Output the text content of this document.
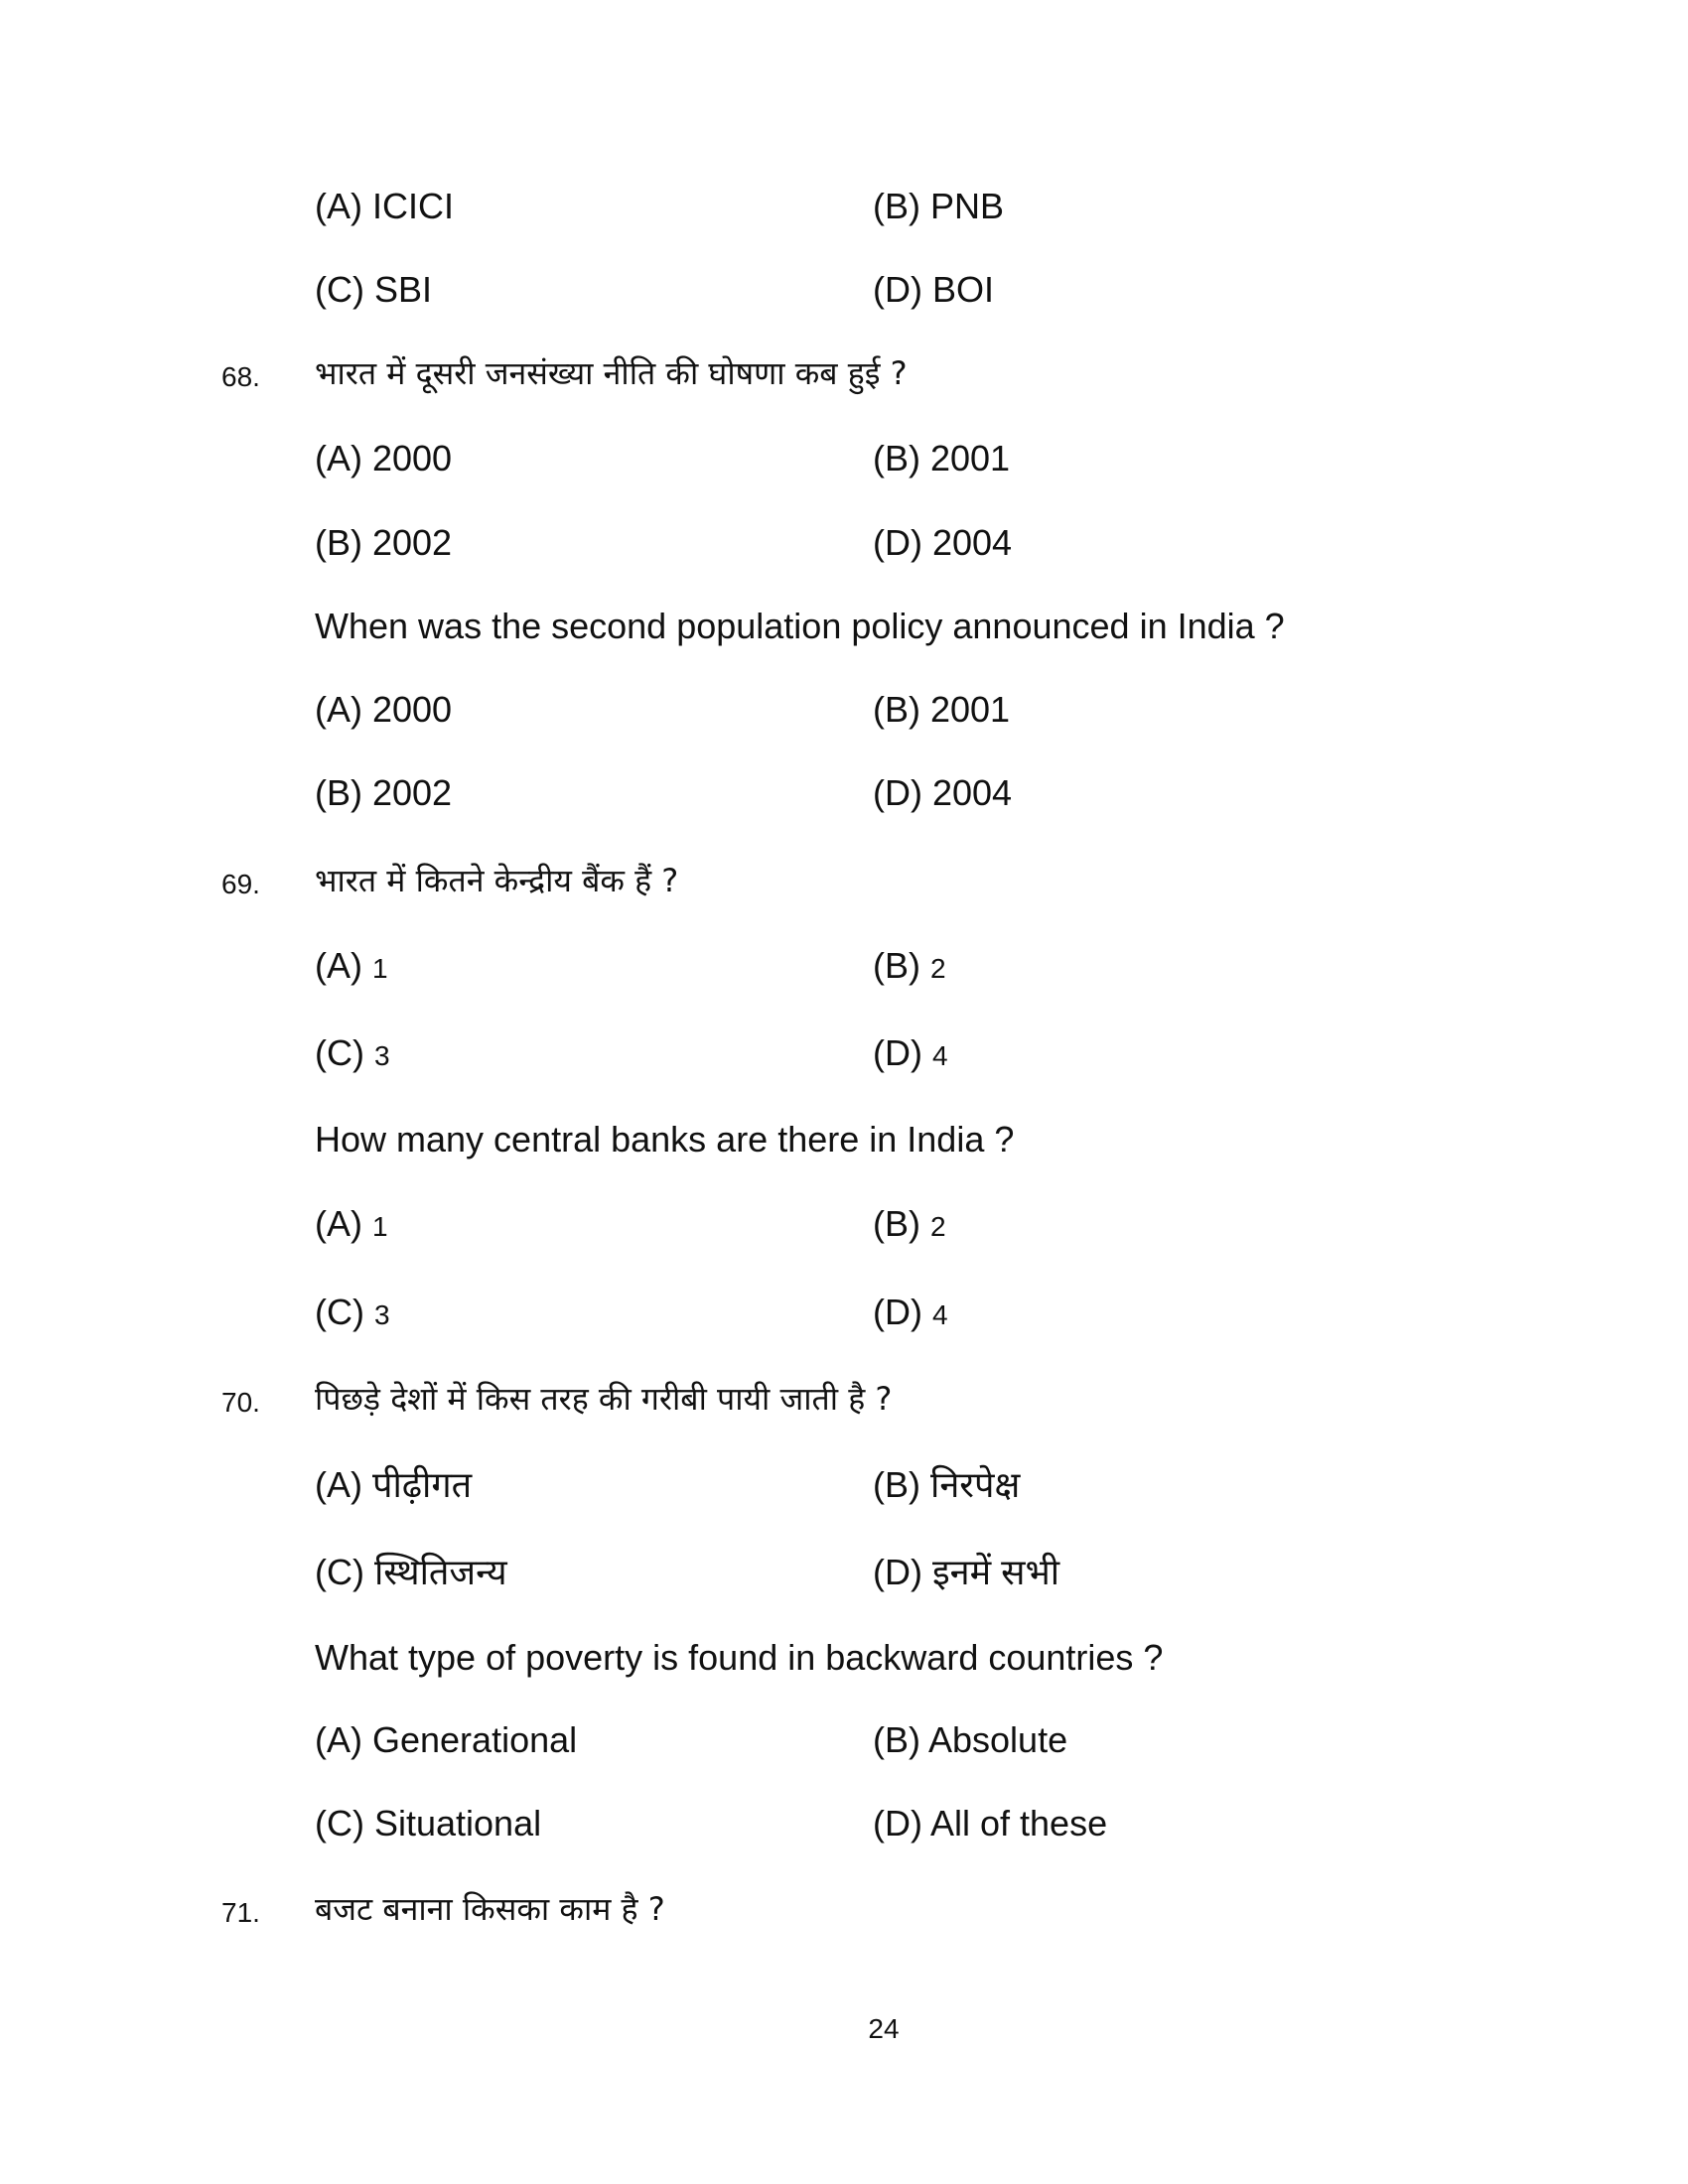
(A) ICICI	(B) PNB
(C) SBI	(D) BOI
68. भारत में दूसरी जनसंख्या नीति की घोषणा कब हुई ?
(A) 2000	(B) 2001
(B) 2002	(D) 2004
When was the second population policy announced in India ?
(A) 2000	(B) 2001
(B) 2002	(D) 2004
69. भारत में कितने केन्द्रीय बैंक हैं ?
(A) 1	(B) 2
(C) 3	(D) 4
How many central banks are there in India ?
(A) 1	(B) 2
(C) 3	(D) 4
70. पिछड़े देशों में किस तरह की गरीबी पायी जाती है ?
(A) पीढ़ीगत	(B) निरपेक्ष
(C) स्थितिजन्य	(D) इनमें सभी
What type of poverty is found in backward countries ?
(A) Generational	(B) Absolute
(C) Situational	(D) All of these
71. बजट बनाना किसका काम है ?
24
